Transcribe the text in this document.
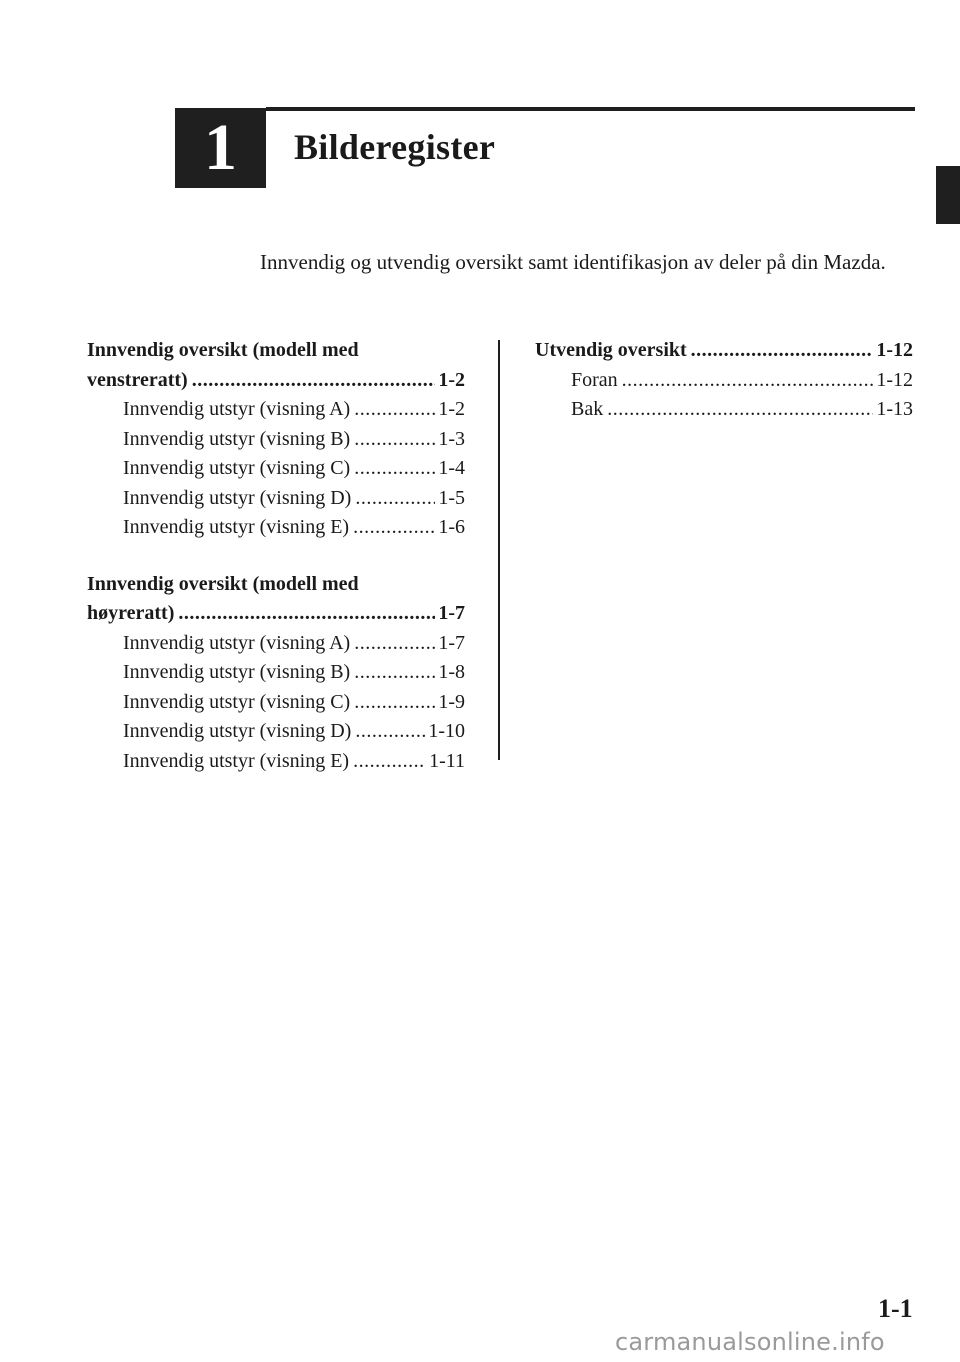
1 Bilderegister

Innvendig og utvendig oversikt samt identifikasjon av deler på din Mazda.

Innvendig oversikt (modell med
venstreratt) .....	1-2
Innvendig utstyr (visning A) .....	1-2
Innvendig utstyr (visning B) .....	1-3
Innvendig utstyr (visning C) .....	1-4
Innvendig utstyr (visning D) .....	1-5
Innvendig utstyr (visning E) .....	1-6
Innvendig oversikt (modell med
høyreratt) .....	1-7
Innvendig utstyr (visning A) .....	1-7
Innvendig utstyr (visning B) .....	1-8
Innvendig utstyr (visning C) .....	1-9
Innvendig utstyr (visning D) .....	1-10
Innvendig utstyr (visning E) .....	1-11
Utvendig oversikt .....	1-12
Foran .....	1-12
Bak .....	1-13
1-1
carmanualsonline.info
